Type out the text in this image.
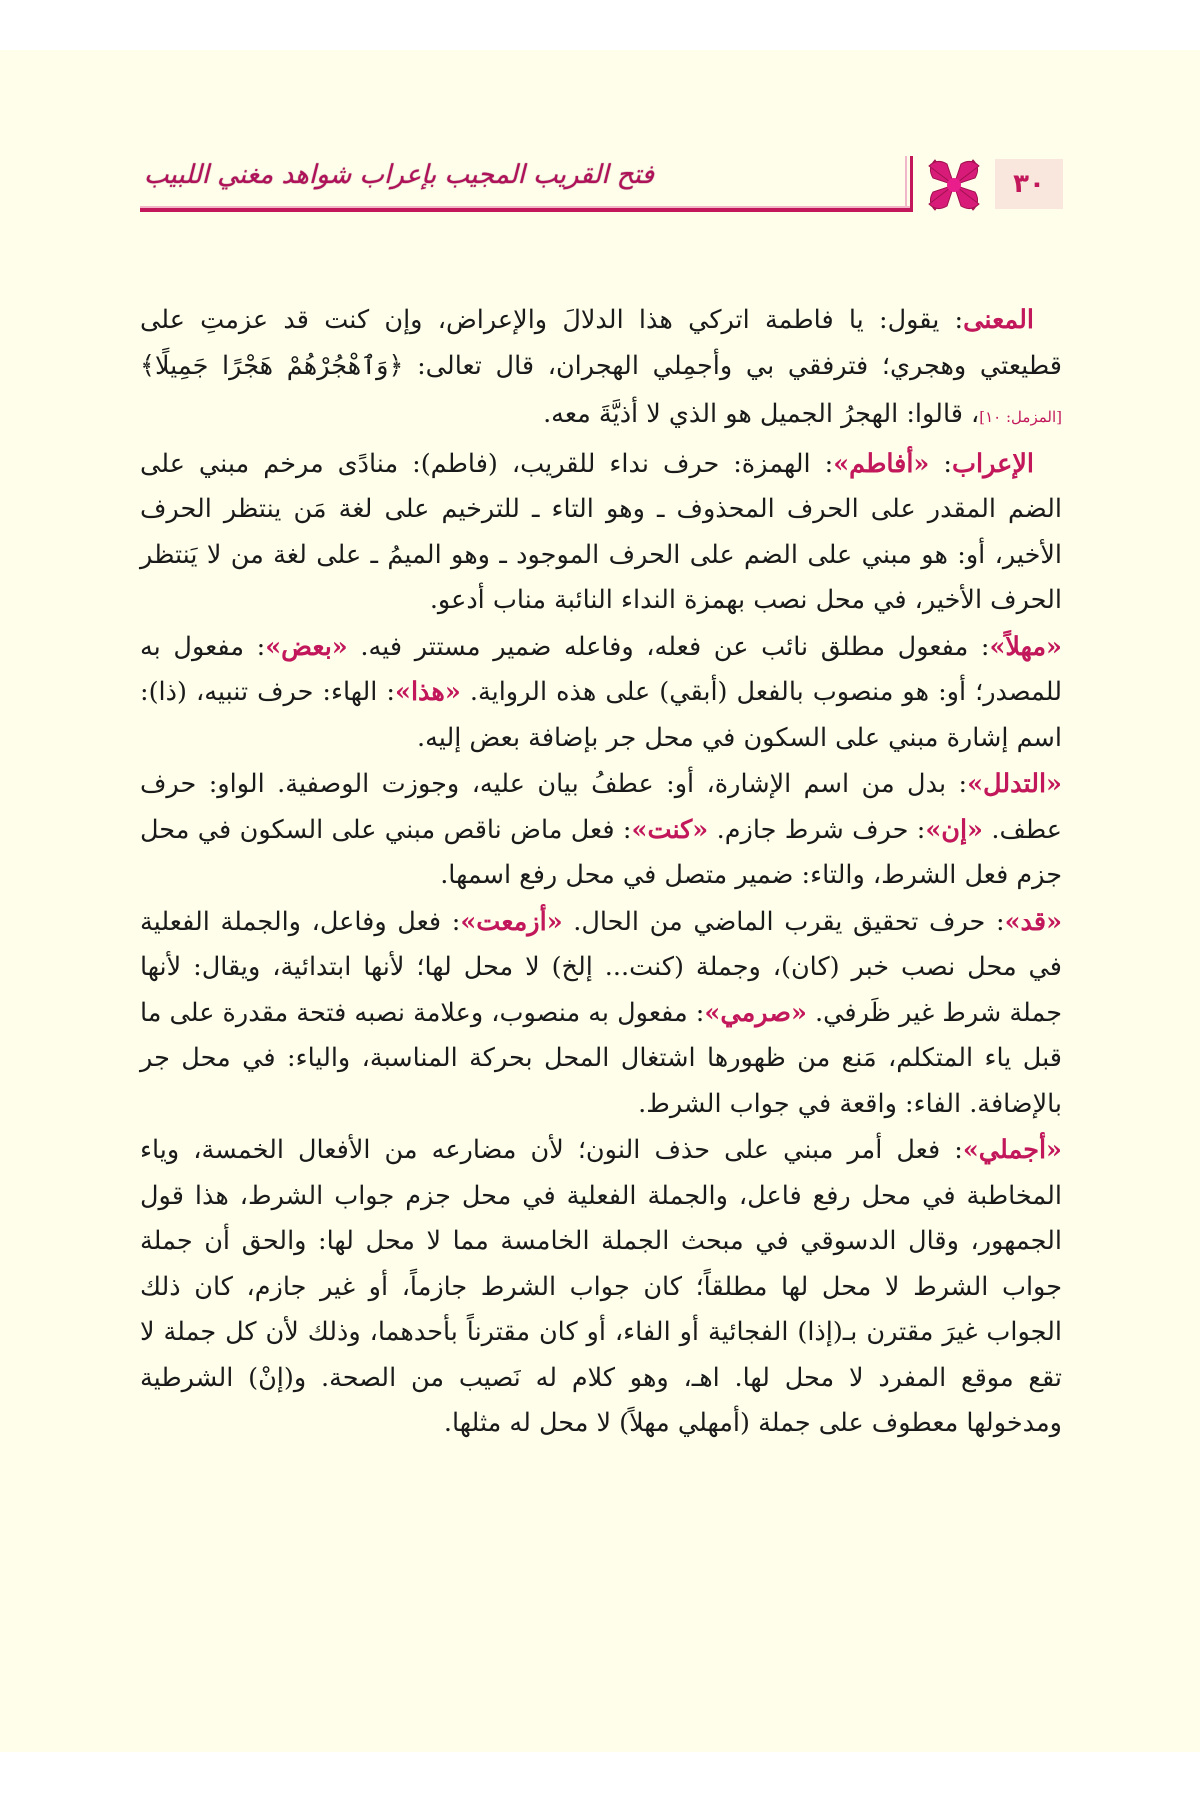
٣٠
فتح القريب المجيب بإعراب شواهد مغني اللبيب

المعنى: يقول: يا فاطمة اتركي هذا الدلالَ والإعراض، وإن كنت قد عزمتِ على قطيعتي وهجري؛ فترفقي بي وأجمِلي الهجران، قال تعالى: ﴿وَٱهْجُرْهُمْ هَجْرًا جَمِيلًا﴾ [المزمل: ١٠]، قالوا: الهجرُ الجميل هو الذي لا أذيَّةَ معه.

الإعراب: «أفاطم»: الهمزة: حرف نداء للقريب، (فاطم): منادًى مرخم مبني على الضم المقدر على الحرف المحذوف ـ وهو التاء ـ للترخيم على لغة مَن ينتظر الحرف الأخير، أو: هو مبني على الضم على الحرف الموجود ـ وهو الميمُ ـ على لغة من لا يَنتظر الحرف الأخير، في محل نصب بهمزة النداء النائبة مناب أدعو.

«مهلاً»: مفعول مطلق نائب عن فعله، وفاعله ضمير مستتر فيه. «بعض»: مفعول به للمصدر؛ أو: هو منصوب بالفعل (أبقي) على هذه الرواية. «هذا»: الهاء: حرف تنبيه، (ذا): اسم إشارة مبني على السكون في محل جر بإضافة بعض إليه.

«التدلل»: بدل من اسم الإشارة، أو: عطفُ بيان عليه، وجوزت الوصفية. الواو: حرف عطف. «إن»: حرف شرط جازم. «كنت»: فعل ماض ناقص مبني على السكون في محل جزم فعل الشرط، والتاء: ضمير متصل في محل رفع اسمها.

«قد»: حرف تحقيق يقرب الماضي من الحال. «أزمعت»: فعل وفاعل، والجملة الفعلية في محل نصب خبر (كان)، وجملة (كنت... إلخ) لا محل لها؛ لأنها ابتدائية، ويقال: لأنها جملة شرط غير ظَرفي. «صرمي»: مفعول به منصوب، وعلامة نصبه فتحة مقدرة على ما قبل ياء المتكلم، مَنع من ظهورها اشتغال المحل بحركة المناسبة، والياء: في محل جر بالإضافة. الفاء: واقعة في جواب الشرط.

«أجملي»: فعل أمر مبني على حذف النون؛ لأن مضارعه من الأفعال الخمسة، وياء المخاطبة في محل رفع فاعل، والجملة الفعلية في محل جزم جواب الشرط، هذا قول الجمهور، وقال الدسوقي في مبحث الجملة الخامسة مما لا محل لها: والحق أن جملة جواب الشرط لا محل لها مطلقاً؛ كان جواب الشرط جازماً، أو غير جازم، كان ذلك الجواب غيرَ مقترن بـ(إذا) الفجائية أو الفاء، أو كان مقترناً بأحدهما، وذلك لأن كل جملة لا تقع موقع المفرد لا محل لها. اهـ، وهو كلام له نَصيب من الصحة. و(إنْ) الشرطية ومدخولها معطوف على جملة (أمهلي مهلاً) لا محل له مثلها.
